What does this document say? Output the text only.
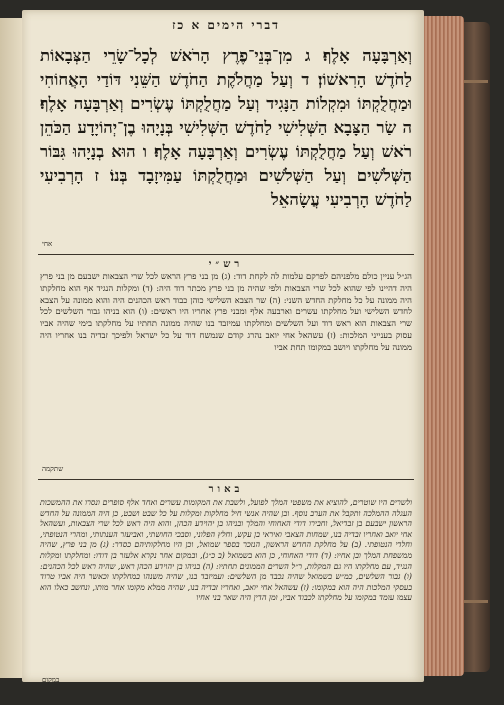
דברי הימים א כז
וְאַרְבָּעָה אָלֶף׃ ג מִן־בְּנֵי־פֶרֶץ הָרֹאשׁ לְכָל־שָׂרֵי הַצְּבָאוֹת לַחֹדֶשׁ הָרִאשׁוֹן׃ ד וְעַל מַחֲלֹקֶת הַחֹדֶשׁ הַשֵּׁנִי דּוֹדַי הָאֲחוֹחִי וּמַחֲלֻקְתּוֹ וּמִקְלוֹת הַנָּגִיד וְעַל מַחֲלֻקְתּוֹ עֶשְׂרִים וְאַרְבָּעָה אָלֶף׃ ה שַׂר הַצָּבָא הַשְּׁלִישִׁי לַחֹדֶשׁ הַשְּׁלִישִׁי בְּנָיָהוּ בֶן־יְהוֹיָדָע הַכֹּהֵן רֹאשׁ וְעַל מַחֲלֻקְתּוֹ עֶשְׂרִים וְאַרְבָּעָה אָלֶף׃ ו הוּא בְנָיָהוּ גִּבּוֹר הַשְּׁלֹשִׁים וְעַל הַשְּׁלֹשִׁים וּמַחֲלֻקְתּוֹ עַמִּיזָבָד בְּנוֹ׃ ז הָרְבִיעִי לַחֹדֶשׁ הָרְבִיעִי עֲשָׂהאֵל
אחי
רש״י
הג״ל עניין כולם מלפניהם לפרקם עלמות לה לקחת דוד: (ג) מן בני פרץ הראש לכל שרי הצבאות ישבעם מן בני פרץ היה דהיינו לפי שהוא לכל שרי הצבאות ולפי שהיה מן בני פרץ מכתר דוד היה: (ד) ומקלות הנגיד אף הוא מחלקתו היה ממונה על כל מחלקת החדש השני: (ה) שר הצבא השלישי כוהן כבוד ראש הכהנים היה והוא ממונה על הצבא לחדש השלישי ועל מחלקתו עשרים וארבעה אלף ומבני פרץ אחריו היו ראשים: (ו) הוא בניהו גבור השלשים לכל שרי הצבאות הוא ראש דוד ועל השלשים ומחלקתו עמיזבד בנו שהיה ממונה תחתיו על מחלקתו בימי שהיה אביו עסוק בענייני המלכות: (ז) עשהאל אחי יואב נהרג קודם שנמשח דוד על כל ישראל ולפיכך זבדיה בנו אחריו היה ממונה על מחלקתו ויושב במקומו תחת אביו
שתקמה
באור
ולשרים היו שוטרים, להוציא את משפטי המלך לפועל, ולשבת את המקומות עשרים ואחד אלף סופרים ונסרו את ההמשכות העגלה ההמלכה ותקבל את הערב נוסף. ובן שהיה אנשי חיל מחלקות ומקלות על כל שבט ושבט, כן היה הממונה על החדש הראשון ישבעם בן זבדיאל, וחבירו דודי האחוחי והמלך ובניהו בן יהוידע הכהן, והוא היה ראש לכל שרי הצבאות, ועשהאל אחי יואב ואחריו זבדיה בנו, שמחות הצאבי ואיראי בן עקש, וחלץ הפלוני, וסבכי החושתי, ואביעזר הענתותי, ומהרי הנטופתי, וחלדי הנטופתי. (ב) על מחלקת החדש הראשון, הנזכר בספר שמואל, וכן היו מחלקותיהם כסדר: (ג) מן בני פרץ, שהיה ממשפחת המלך ובן אחיו: (ד) דודי האחוחי, כן הוא בשמואל (ב כ״ג), ובמקום אחר נקרא אלעזר בן דודו: ומחלקתו ומקלות הנגיד, עם מחלקתו היו גם המקלות, ר״ל השרים הממונים תחתיו: (ה) בניהו בן יהוידע הכהן ראש, שהיה ראש לכל הכהנים: (ו) גבור השלשים, כמ״ש בשמואל שהיה נכבד מן השלשים: ועמיזבד בנו, שהיה משנהו במחלקתו וכאשר היה אביו טרוד בעסקי המלכות היה הוא במקומו: (ז) עשהאל אחי יואב, ואחריו זבדיה בנו, שהיה ממלא מקומו אחר מותו, ונחשב כאלו הוא עצמו עומד במקומו על מחלקתו לכבוד אביו, ומן הדין היה שאר בני אחיו
במקום
